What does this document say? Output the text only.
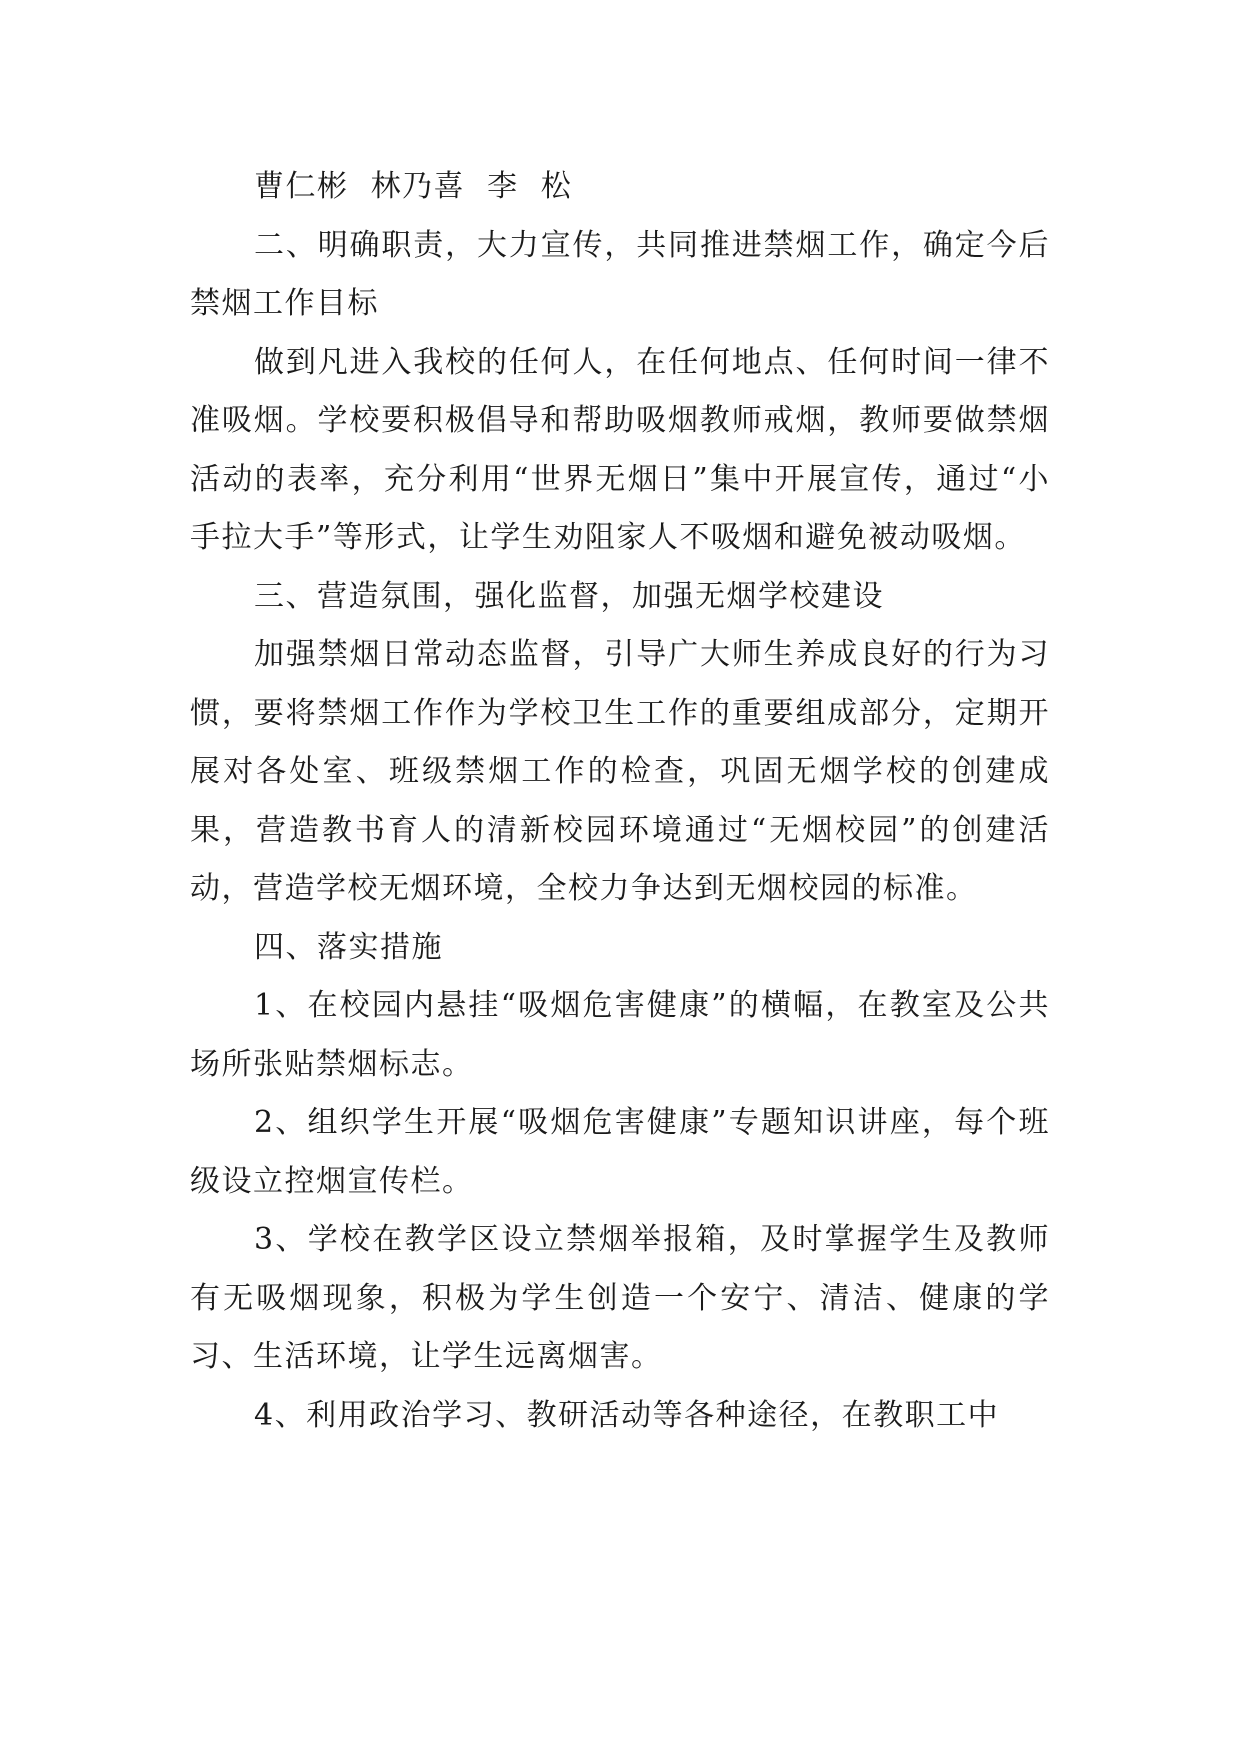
曹仁彬  林乃喜  李  松

二、明确职责，大力宣传，共同推进禁烟工作，确定今后禁烟工作目标

做到凡进入我校的任何人，在任何地点、任何时间一律不准吸烟。学校要积极倡导和帮助吸烟教师戒烟，教师要做禁烟活动的表率，充分利用“世界无烟日”集中开展宣传，通过“小手拉大手”等形式，让学生劝阻家人不吸烟和避免被动吸烟。

三、营造氛围，强化监督，加强无烟学校建设

加强禁烟日常动态监督，引导广大师生养成良好的行为习惯，要将禁烟工作作为学校卫生工作的重要组成部分，定期开展对各处室、班级禁烟工作的检查，巩固无烟学校的创建成果，营造教书育人的清新校园环境通过“无烟校园”的创建活动，营造学校无烟环境，全校力争达到无烟校园的标准。

四、落实措施

1、在校园内悬挂“吸烟危害健康”的横幅，在教室及公共场所张贴禁烟标志。

2、组织学生开展“吸烟危害健康”专题知识讲座，每个班级设立控烟宣传栏。

3、学校在教学区设立禁烟举报箱，及时掌握学生及教师有无吸烟现象，积极为学生创造一个安宁、清洁、健康的学习、生活环境，让学生远离烟害。

4、利用政治学习、教研活动等各种途径，在教职工中
